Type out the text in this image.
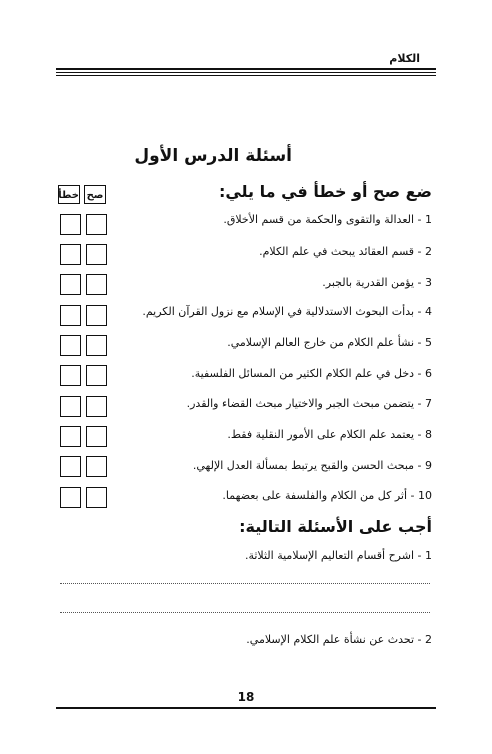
الكلام
أسئلة الدرس الأول
ضع صح أو خطأ في ما يلي:
صح
خطأ
1 - العدالة والتقوى والحكمة من قسم الأخلاق.
2 - قسم العقائد يبحث في علم الكلام.
3 - يؤمن القدرية بالجبر.
4 - بدأت البحوث الاستدلالية في الإسلام مع نزول القرآن الكريم.
5 - نشأ علم الكلام من خارج العالم الإسلامي.
6 - دخل في علم الكلام الكثير من المسائل الفلسفية.
7 - يتضمن مبحث الجبر والاختيار مبحث القضاء والقدر.
8 - يعتمد علم الكلام على الأمور النقلية فقط.
9 - مبحث الحسن والقبح يرتبط بمسألة العدل الإلهي.
10 - أثر كل من الكلام والفلسفة على بعضهما.
أجب على الأسئلة التالية:
1 - اشرح أقسام التعاليم الإسلامية الثلاثة.
2 - تحدث عن نشأة علم الكلام الإسلامي.
18
